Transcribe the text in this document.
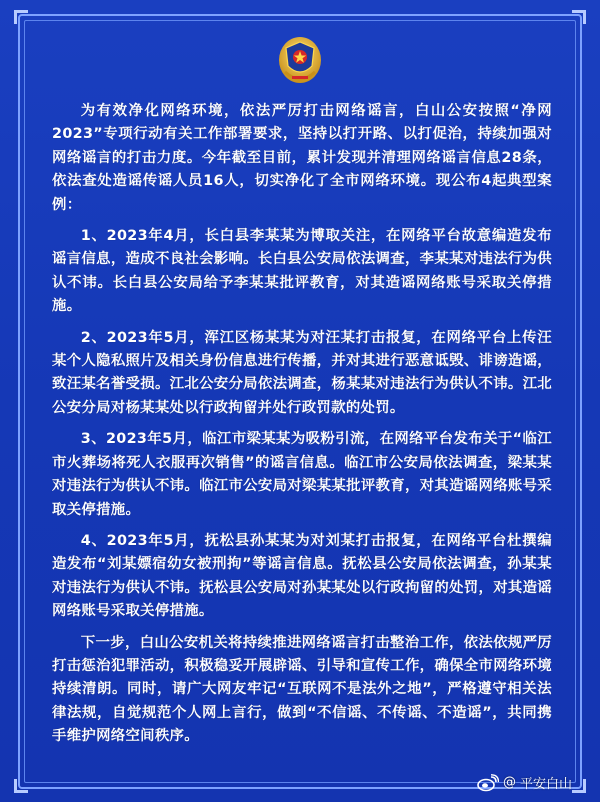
为有效净化网络环境，依法严厉打击网络谣言，白山公安按照“净网2023”专项行动有关工作部署要求，坚持以打开路、以打促治，持续加强对网络谣言的打击力度。今年截至目前，累计发现并清理网络谣言信息28条，依法查处造谣传谣人员16人，切实净化了全市网络环境。现公布4起典型案例：

1、2023年4月，长白县李某某为博取关注，在网络平台故意编造发布谣言信息，造成不良社会影响。长白县公安局依法调查，李某某对违法行为供认不讳。长白县公安局给予李某某批评教育，对其造谣网络账号采取关停措施。

2、2023年5月，浑江区杨某某为对汪某打击报复，在网络平台上传汪某个人隐私照片及相关身份信息进行传播，并对其进行恶意诋毁、诽谤造谣，致汪某名誉受损。江北公安分局依法调查，杨某某对违法行为供认不讳。江北公安分局对杨某某处以行政拘留并处行政罚款的处罚。

3、2023年5月，临江市梁某某为吸粉引流，在网络平台发布关于“临江市火葬场将死人衣服再次销售”的谣言信息。临江市公安局依法调查，梁某某对违法行为供认不讳。临江市公安局对梁某某批评教育，对其造谣网络账号采取关停措施。

4、2023年5月，抚松县孙某某为对刘某打击报复，在网络平台杜撰编造发布“刘某嫖宿幼女被刑拘”等谣言信息。抚松县公安局依法调查，孙某某对违法行为供认不讳。抚松县公安局对孙某某处以行政拘留的处罚，对其造谣网络账号采取关停措施。

下一步，白山公安机关将持续推进网络谣言打击整治工作，依法依规严厉打击惩治犯罪活动，积极稳妥开展辟谣、引导和宣传工作，确保全市网络环境持续清朗。同时，请广大网友牢记“互联网不是法外之地”，严格遵守相关法律法规，自觉规范个人网上言行，做到“不信谣、不传谣、不造谣”，共同携手维护网络空间秩序。

@ 平安白山
